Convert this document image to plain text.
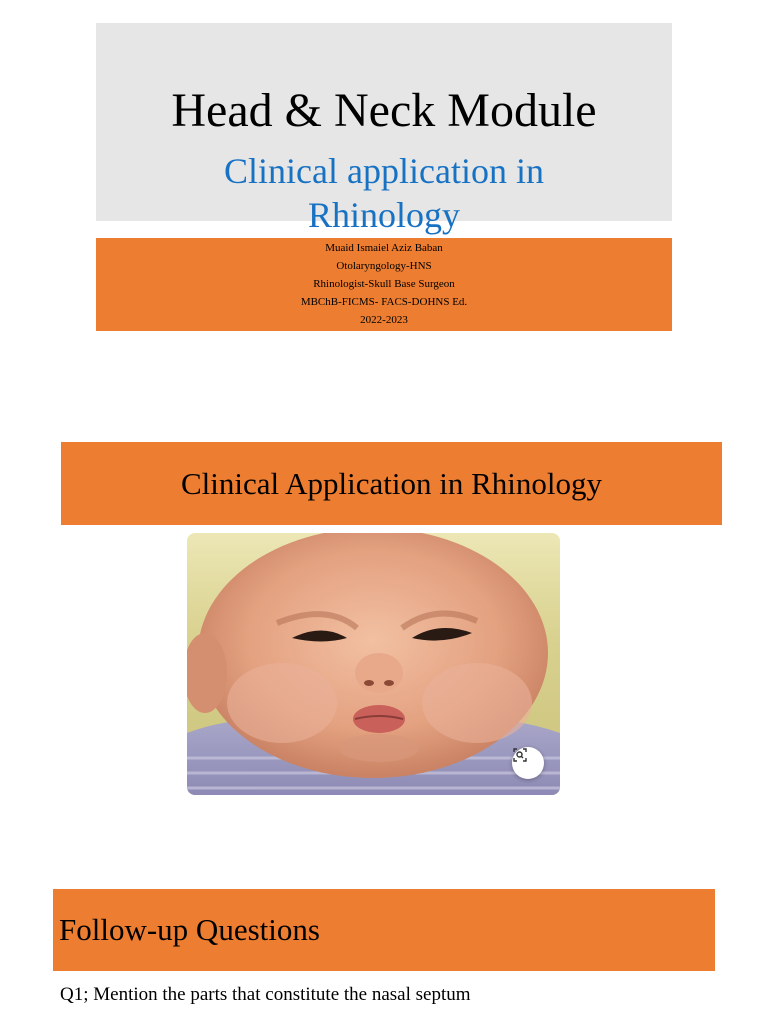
Head & Neck Module
Clinical application in
Rhinology
Muaid Ismaiel Aziz Baban
Otolaryngology-HNS
Rhinologist-Skull Base Surgeon
MBChB-FICMS- FACS-DOHNS Ed.
2022-2023
Clinical Application in Rhinology
Follow-up Questions
Q1; Mention the parts that constitute the nasal septum
